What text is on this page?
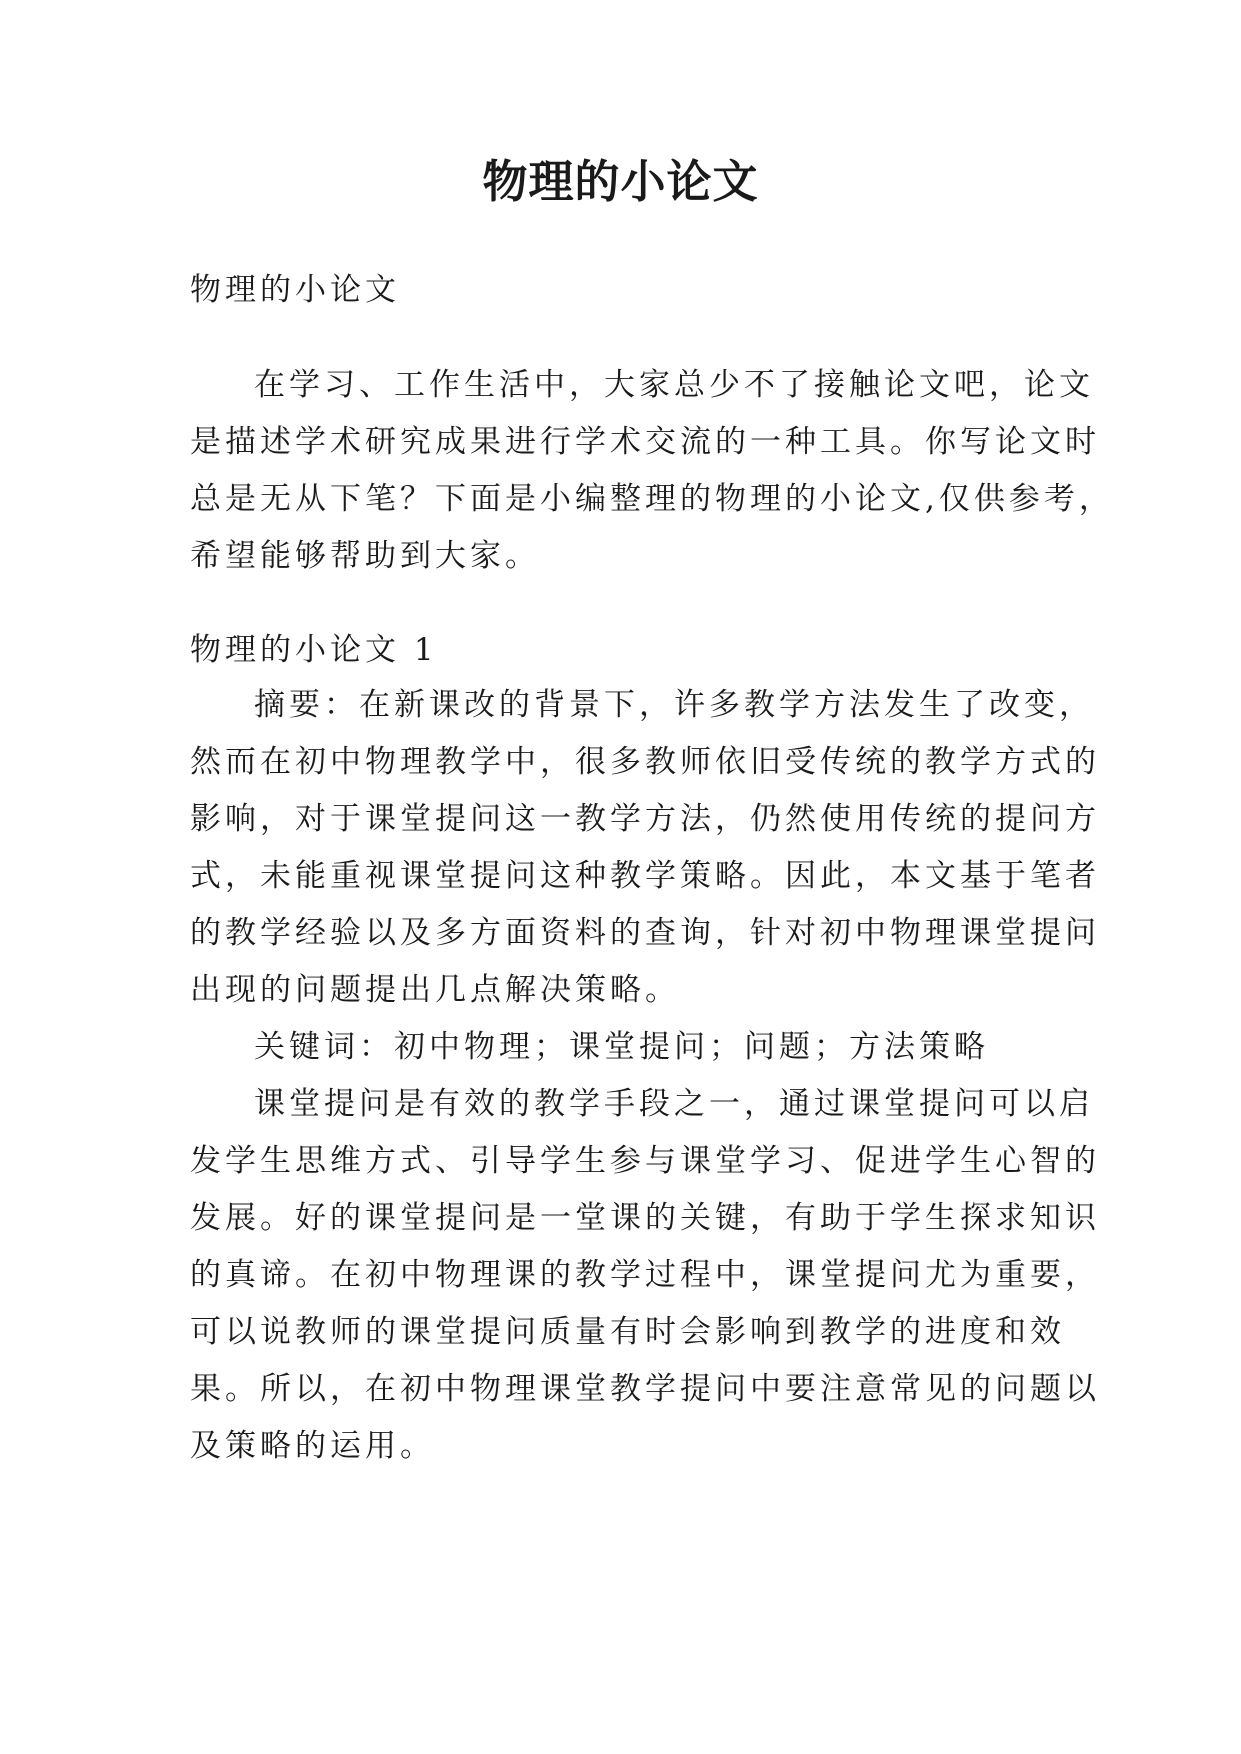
物理的小论文
物理的小论文
在学习、工作生活中，大家总少不了接触论文吧，论文
是描述学术研究成果进行学术交流的一种工具。你写论文时
总是无从下笔？下面是小编整理的物理的小论文,仅供参考，
希望能够帮助到大家。
物理的小论文 1
摘要：在新课改的背景下，许多教学方法发生了改变，
然而在初中物理教学中，很多教师依旧受传统的教学方式的
影响，对于课堂提问这一教学方法，仍然使用传统的提问方
式，未能重视课堂提问这种教学策略。因此，本文基于笔者
的教学经验以及多方面资料的查询，针对初中物理课堂提问
出现的问题提出几点解决策略。
关键词：初中物理；课堂提问；问题；方法策略
课堂提问是有效的教学手段之一，通过课堂提问可以启
发学生思维方式、引导学生参与课堂学习、促进学生心智的
发展。好的课堂提问是一堂课的关键，有助于学生探求知识
的真谛。在初中物理课的教学过程中，课堂提问尤为重要，
可以说教师的课堂提问质量有时会影响到教学的进度和效
果。所以，在初中物理课堂教学提问中要注意常见的问题以
及策略的运用。
